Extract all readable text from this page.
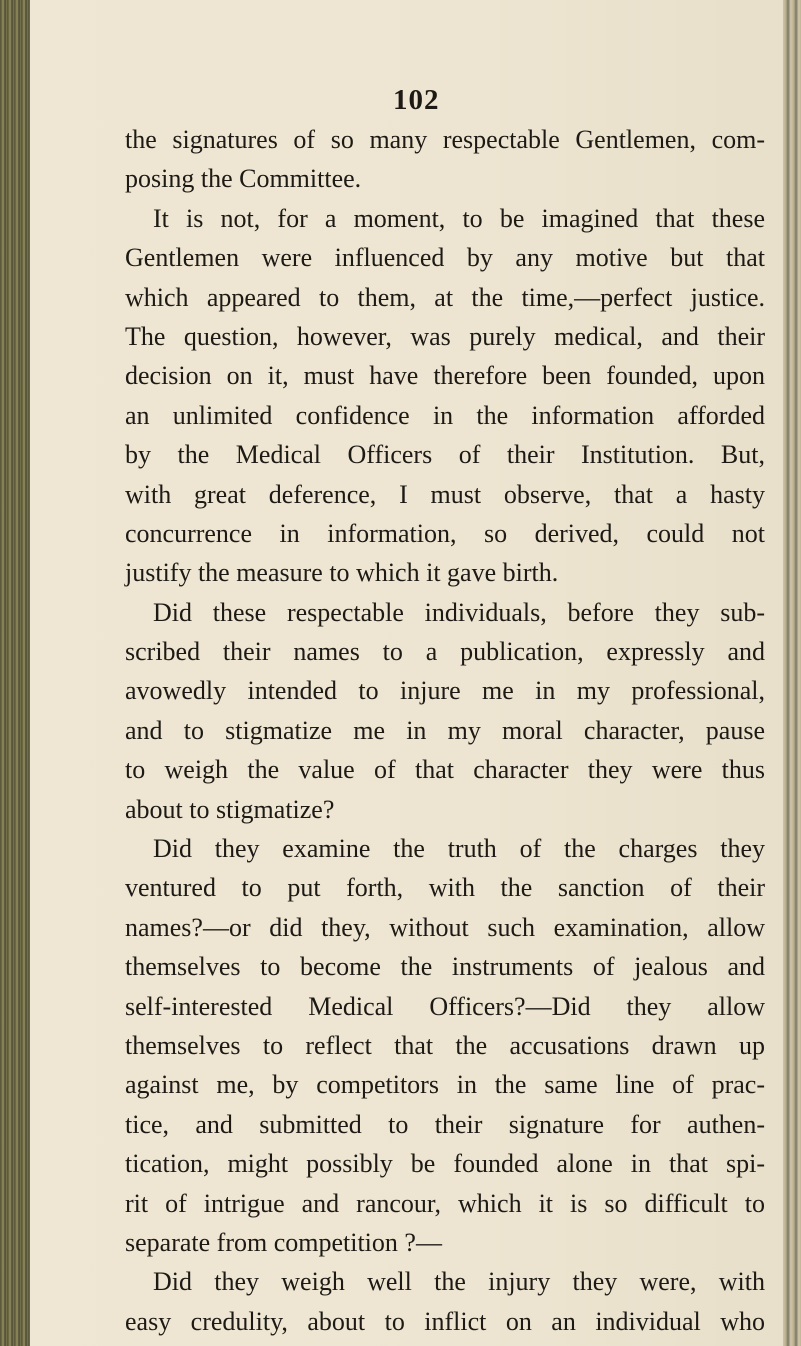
102
the signatures of so many respectable Gentlemen, com-
posing the Committee.
It is not, for a moment, to be imagined that these
Gentlemen were influenced by any motive but that
which appeared to them, at the time,—perfect justice.
The question, however, was purely medical, and their
decision on it, must have therefore been founded, upon
an unlimited confidence in the information afforded
by the Medical Officers of their Institution. But,
with great deference, I must observe, that a hasty
concurrence in information, so derived, could not
justify the measure to which it gave birth.
Did these respectable individuals, before they sub-
scribed their names to a publication, expressly and
avowedly intended to injure me in my professional,
and to stigmatize me in my moral character, pause
to weigh the value of that character they were thus
about to stigmatize?
Did they examine the truth of the charges they
ventured to put forth, with the sanction of their
names?—or did they, without such examination, allow
themselves to become the instruments of jealous and
self-interested Medical Officers?—Did they allow
themselves to reflect that the accusations drawn up
against me, by competitors in the same line of prac-
tice, and submitted to their signature for authen-
tication, might possibly be founded alone in that spi-
rit of intrigue and rancour, which it is so difficult to
separate from competition ?—
Did they weigh well the injury they were, with
easy credulity, about to inflict on an individual who
